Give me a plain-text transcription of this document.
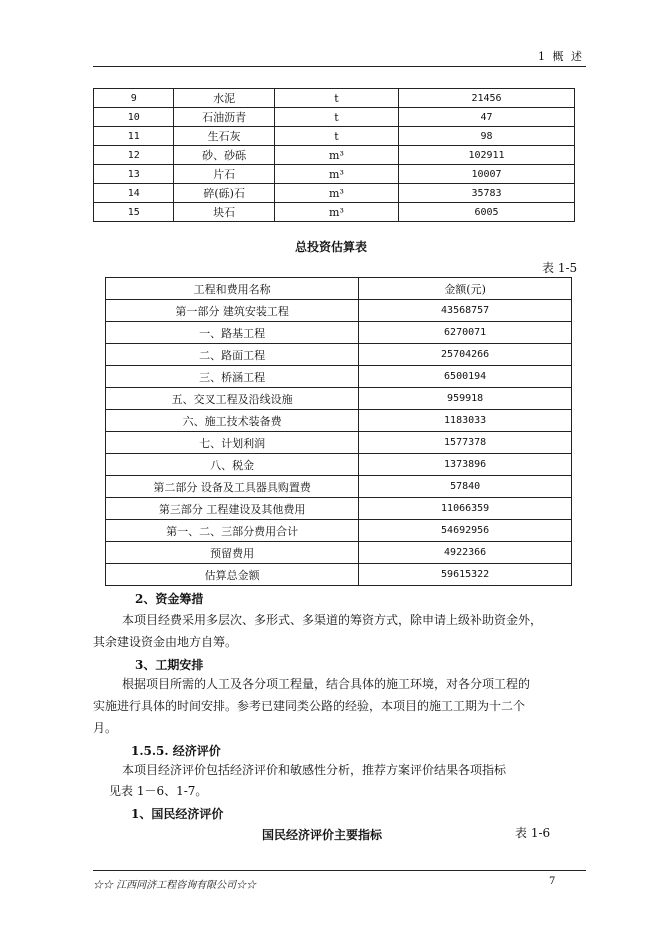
1 概 述
9	水泥	t	21456
10	石油沥青	t	47
11	生石灰	t	98
12	砂、砂砾	m³	102911
13	片石	m³	10007
14	碎(砾)石	m³	35783
15	块石	m³	6005
总投资估算表
表 1-5
工程和费用名称	金额(元)
第一部分 建筑安装工程	43568757
一、路基工程	6270071
二、路面工程	25704266
三、桥涵工程	6500194
五、交叉工程及沿线设施	959918
六、施工技术装备费	1183033
七、计划利润	1577378
八、税金	1373896
第二部分 设备及工具器具购置费	57840
第三部分 工程建设及其他费用	11066359
第一、二、三部分费用合计	54692956
预留费用	4922366
估算总金额	59615322
2、资金筹措
本项目经费采用多层次、多形式、多渠道的筹资方式，除申请上级补助资金外，
其余建设资金由地方自筹。
3、工期安排
根据项目所需的人工及各分项工程量，结合具体的施工环境，对各分项工程的
实施进行具体的时间安排。参考已建同类公路的经验，本项目的施工工期为十二个
月。
1.5.5. 经济评价
本项目经济评价包括经济评价和敏感性分析，推荐方案评价结果各项指标
见表 1－6、1-7。
1、国民经济评价
国民经济评价主要指标	表 1-6
☆☆ 江西同济工程咨询有限公司☆☆	7
